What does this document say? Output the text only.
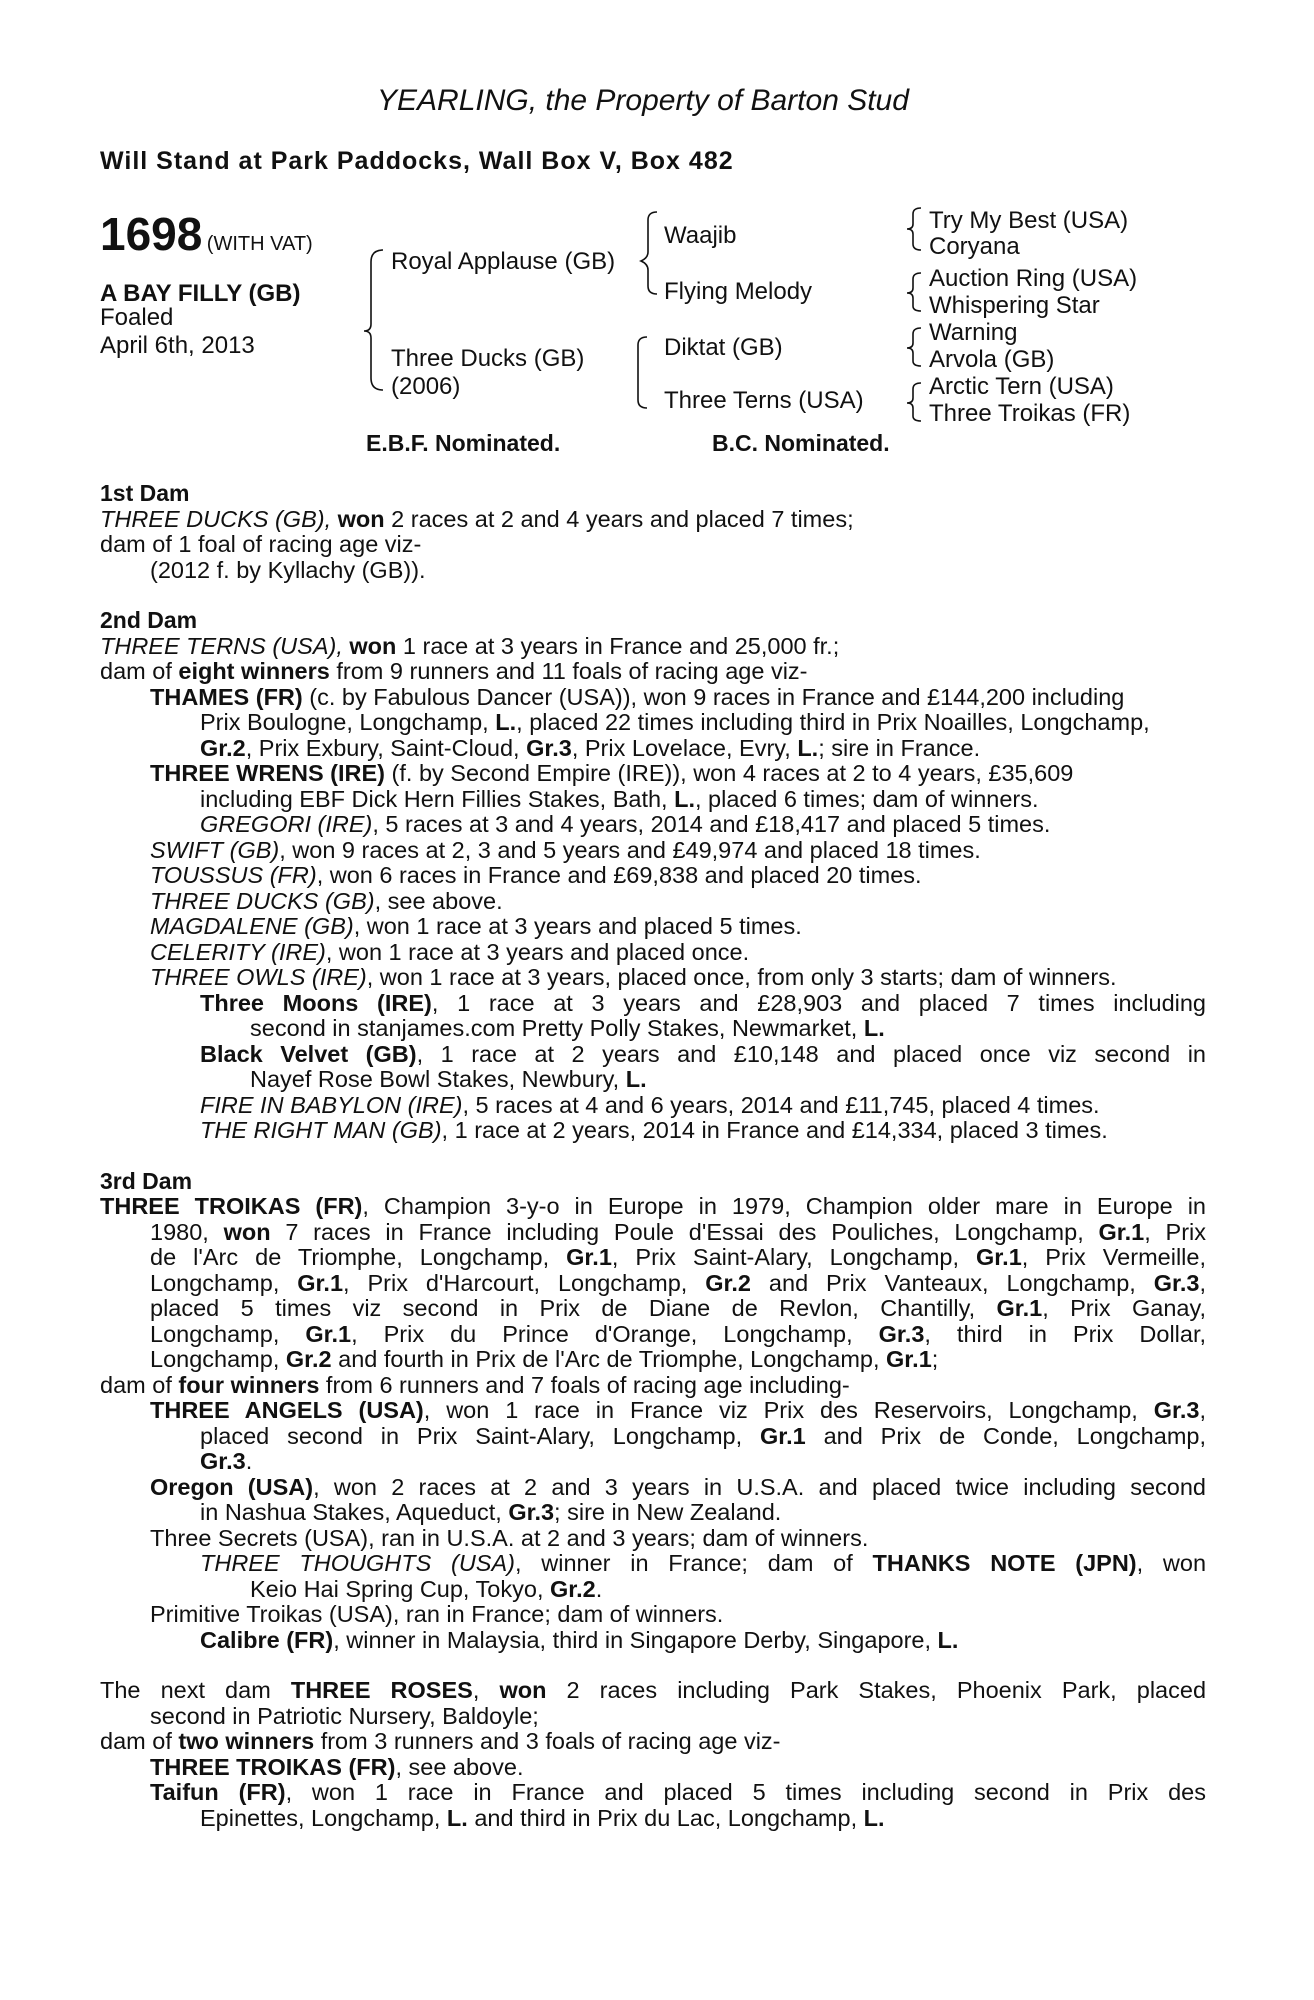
YEARLING, the Property of Barton Stud
Will Stand at Park Paddocks, Wall Box V, Box 482
1698 (WITH VAT)
A BAY FILLY (GB)
Foaled
April 6th, 2013
Royal Applause (GB)
Three Ducks (GB)
(2006)
Waajib
Flying Melody
Diktat (GB)
Three Terns (USA)
Try My Best (USA)
Coryana
Auction Ring (USA)
Whispering Star
Warning
Arvola (GB)
Arctic Tern (USA)
Three Troikas (FR)
E.B.F. Nominated.	B.C. Nominated.
1st Dam
THREE DUCKS (GB), won 2 races at 2 and 4 years and placed 7 times;
dam of 1 foal of racing age viz-
(2012 f. by Kyllachy (GB)).
2nd Dam
THREE TERNS (USA), won 1 race at 3 years in France and 25,000 fr.;
dam of eight winners from 9 runners and 11 foals of racing age viz-
THAMES (FR) (c. by Fabulous Dancer (USA)), won 9 races in France and £144,200 including
Prix Boulogne, Longchamp, L., placed 22 times including third in Prix Noailles, Longchamp,
Gr.2, Prix Exbury, Saint-Cloud, Gr.3, Prix Lovelace, Evry, L.; sire in France.
THREE WRENS (IRE) (f. by Second Empire (IRE)), won 4 races at 2 to 4 years, £35,609
including EBF Dick Hern Fillies Stakes, Bath, L., placed 6 times; dam of winners.
GREGORI (IRE), 5 races at 3 and 4 years, 2014 and £18,417 and placed 5 times.
SWIFT (GB), won 9 races at 2, 3 and 5 years and £49,974 and placed 18 times.
TOUSSUS (FR), won 6 races in France and £69,838 and placed 20 times.
THREE DUCKS (GB), see above.
MAGDALENE (GB), won 1 race at 3 years and placed 5 times.
CELERITY (IRE), won 1 race at 3 years and placed once.
THREE OWLS (IRE), won 1 race at 3 years, placed once, from only 3 starts; dam of winners.
Three Moons (IRE), 1 race at 3 years and £28,903 and placed 7 times including
second in stanjames.com Pretty Polly Stakes, Newmarket, L.
Black Velvet (GB), 1 race at 2 years and £10,148 and placed once viz second in
Nayef Rose Bowl Stakes, Newbury, L.
FIRE IN BABYLON (IRE), 5 races at 4 and 6 years, 2014 and £11,745, placed 4 times.
THE RIGHT MAN (GB), 1 race at 2 years, 2014 in France and £14,334, placed 3 times.
3rd Dam
THREE TROIKAS (FR), Champion 3-y-o in Europe in 1979, Champion older mare in Europe in
1980, won 7 races in France including Poule d'Essai des Pouliches, Longchamp, Gr.1, Prix
de l'Arc de Triomphe, Longchamp, Gr.1, Prix Saint-Alary, Longchamp, Gr.1, Prix Vermeille,
Longchamp, Gr.1, Prix d'Harcourt, Longchamp, Gr.2 and Prix Vanteaux, Longchamp, Gr.3,
placed 5 times viz second in Prix de Diane de Revlon, Chantilly, Gr.1, Prix Ganay,
Longchamp, Gr.1, Prix du Prince d'Orange, Longchamp, Gr.3, third in Prix Dollar,
Longchamp, Gr.2 and fourth in Prix de l'Arc de Triomphe, Longchamp, Gr.1;
dam of four winners from 6 runners and 7 foals of racing age including-
THREE ANGELS (USA), won 1 race in France viz Prix des Reservoirs, Longchamp, Gr.3,
placed second in Prix Saint-Alary, Longchamp, Gr.1 and Prix de Conde, Longchamp,
Gr.3.
Oregon (USA), won 2 races at 2 and 3 years in U.S.A. and placed twice including second
in Nashua Stakes, Aqueduct, Gr.3; sire in New Zealand.
Three Secrets (USA), ran in U.S.A. at 2 and 3 years; dam of winners.
THREE THOUGHTS (USA), winner in France; dam of THANKS NOTE (JPN), won
Keio Hai Spring Cup, Tokyo, Gr.2.
Primitive Troikas (USA), ran in France; dam of winners.
Calibre (FR), winner in Malaysia, third in Singapore Derby, Singapore, L.
The next dam THREE ROSES, won 2 races including Park Stakes, Phoenix Park, placed
second in Patriotic Nursery, Baldoyle;
dam of two winners from 3 runners and 3 foals of racing age viz-
THREE TROIKAS (FR), see above.
Taifun (FR), won 1 race in France and placed 5 times including second in Prix des
Epinettes, Longchamp, L. and third in Prix du Lac, Longchamp, L.
